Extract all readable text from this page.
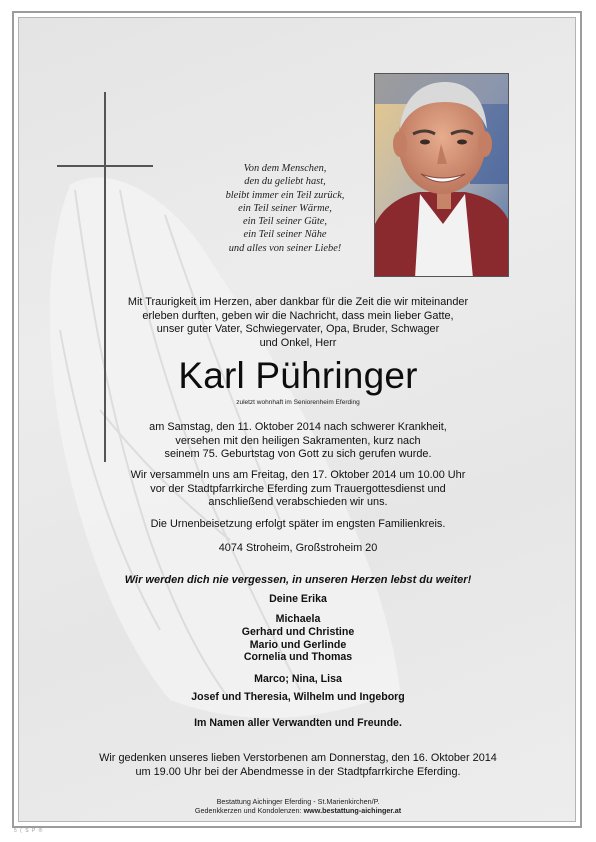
Von dem Menschen,
den du geliebt hast,
bleibt immer ein Teil zurück,
ein Teil seiner Wärme,
ein Teil seiner Güte,
ein Teil seiner Nähe
und alles von seiner Liebe!
Mit Traurigkeit im Herzen, aber dankbar für die Zeit die wir miteinander
erleben durften, geben wir die Nachricht, dass mein lieber Gatte,
unser guter Vater, Schwiegervater, Opa, Bruder, Schwager
und Onkel, Herr
Karl Pühringer
zuletzt wohnhaft im Seniorenheim Eferding
am Samstag, den 11. Oktober 2014 nach schwerer Krankheit,
versehen mit den heiligen Sakramenten, kurz nach
seinem 75. Geburtstag von Gott zu sich gerufen wurde.
Wir versammeln uns am Freitag, den 17. Oktober 2014 um 10.00 Uhr
vor der Stadtpfarrkirche Eferding zum Trauergottesdienst und
anschließend verabschieden wir uns.
Die Urnenbeisetzung erfolgt später im engsten Familienkreis.
4074 Stroheim, Großstroheim 20
Wir werden dich nie vergessen, in unseren Herzen lebst du weiter!
Deine Erika
Michaela
Gerhard und Christine
Mario und Gerlinde
Cornelia und Thomas
Marco; Nina, Lisa
Josef und Theresia, Wilhelm und Ingeborg
Im Namen aller Verwandten und Freunde.
Wir gedenken unseres lieben Verstorbenen am Donnerstag, den 16. Oktober 2014
um 19.00 Uhr bei der Abendmesse in der Stadtpfarrkirche Eferding.
Bestattung Aichinger Eferding - St.Marienkirchen/P.
Gedenkkerzen und Kondolenzen: www.bestattung-aichinger.at
5 ( S P ®
